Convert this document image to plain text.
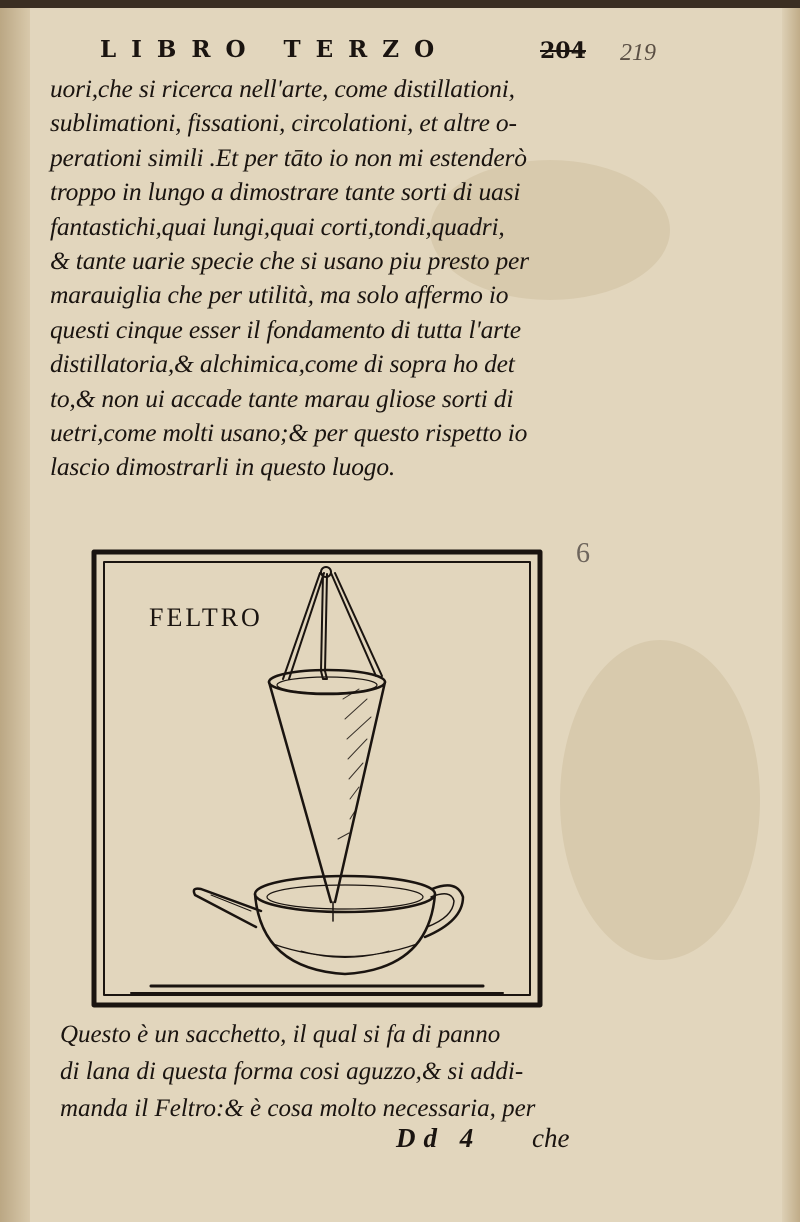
LIBRO TERZO	204 219
uori,che si ricerca nell'arte, come distillationi,
sublimationi, fissationi, circolationi, et altre o-
perationi simili .Et per tāto io non mi estenderò
troppo in lungo a dimostrare tante sorti di uasi
fantastichi,quai lungi,quai corti,tondi,quadri,
& tante uarie specie che si usano piu presto per
marauiglia che per utilità, ma solo affermo io
questi cinque esser il fondamento di tutta l'arte
distillatoria,& alchimica,come di sopra ho det
to,& non ui accade tante marau gliose sorti di
uetri,come molti usano;& per questo rispetto io
lascio dimostrarli in questo luogo.
6
FELTRO
Questo è un sacchetto, il qual si fa di panno
di lana di questa forma cosi aguzzo,& si addi-
manda il Feltro:& è cosa molto necessaria, per
Dd 4 che
